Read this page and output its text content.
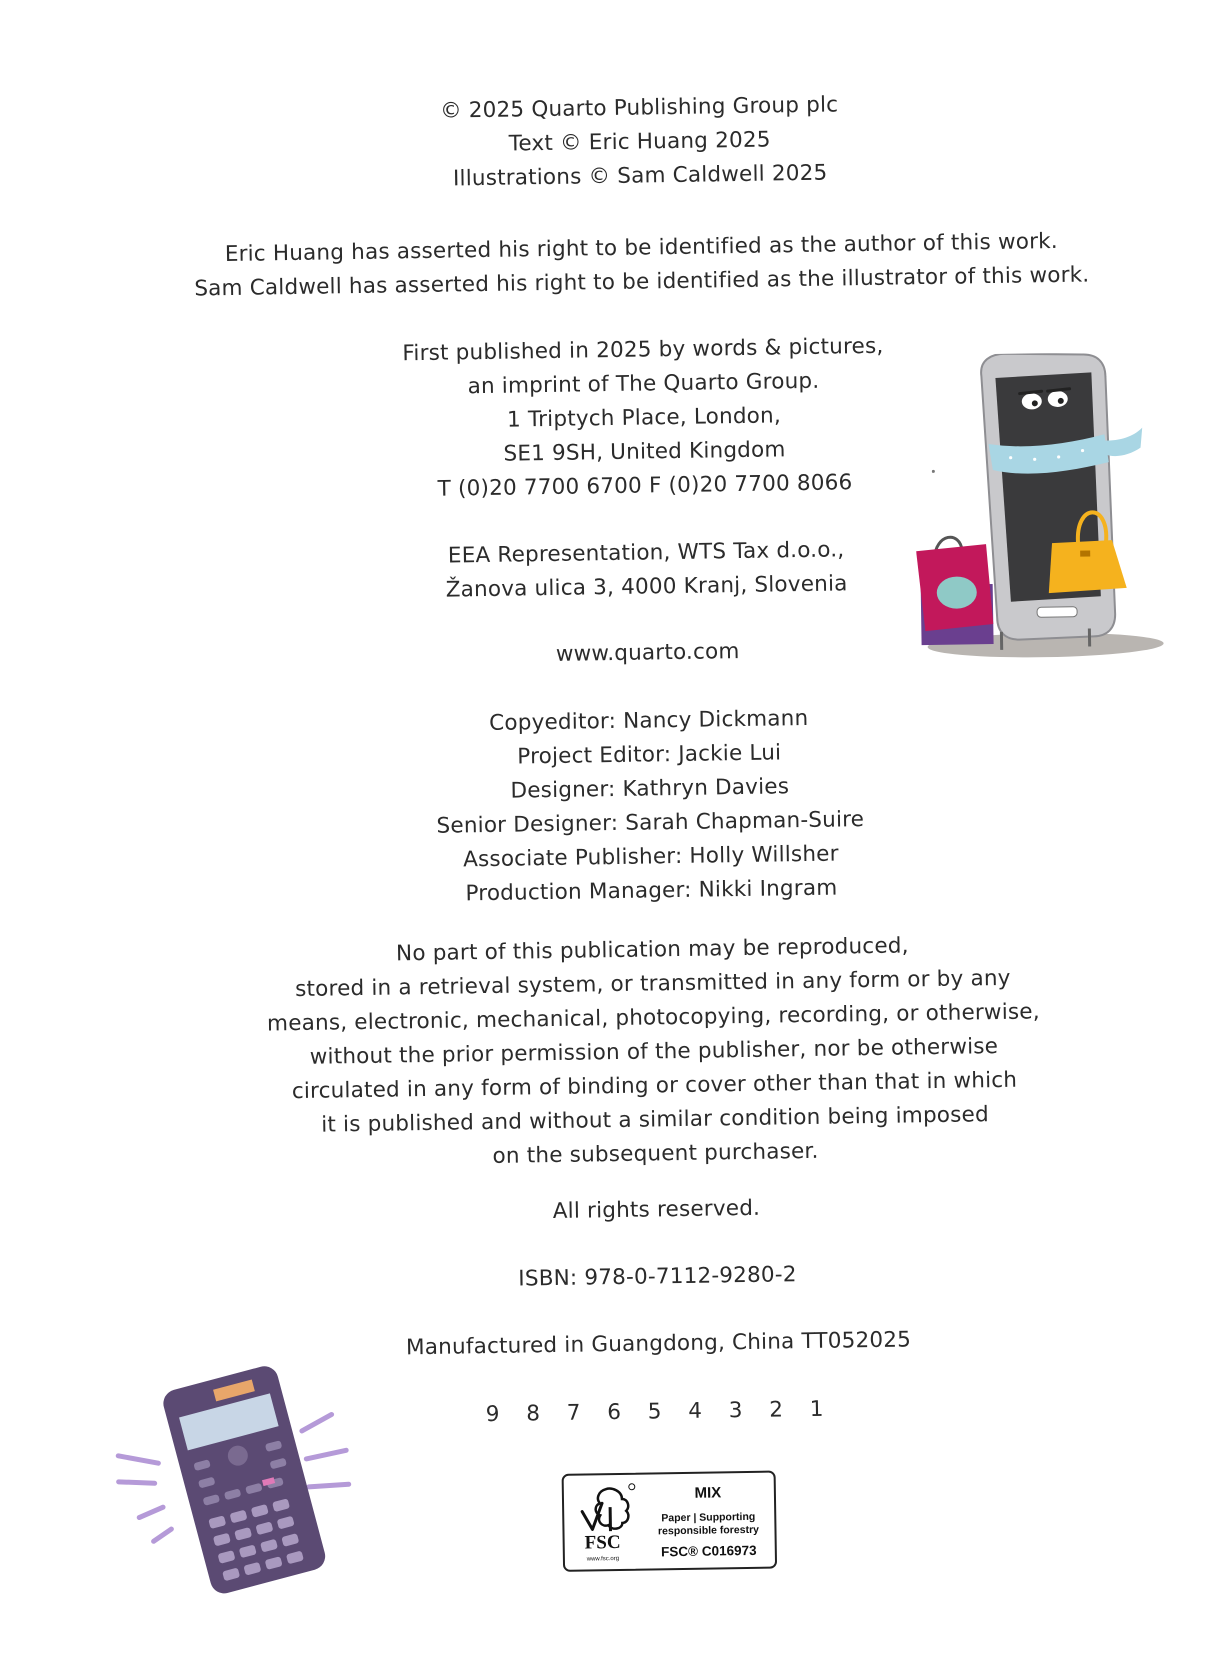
© 2025 Quarto Publishing Group plc
Text © Eric Huang 2025
Illustrations © Sam Caldwell 2025
Eric Huang has asserted his right to be identified as the author of this work.
Sam Caldwell has asserted his right to be identified as the illustrator of this work.
First published in 2025 by words & pictures,
an imprint of The Quarto Group.
1 Triptych Place, London,
SE1 9SH, United Kingdom
T (0)20 7700 6700 F (0)20 7700 8066
EEA Representation, WTS Tax d.o.o.,
Žanova ulica 3, 4000 Kranj, Slovenia
www.quarto.com
Copyeditor: Nancy Dickmann
Project Editor: Jackie Lui
Designer: Kathryn Davies
Senior Designer: Sarah Chapman-Suire
Associate Publisher: Holly Willsher
Production Manager: Nikki Ingram
No part of this publication may be reproduced,
stored in a retrieval system, or transmitted in any form or by any
means, electronic, mechanical, photocopying, recording, or otherwise,
without the prior permission of the publisher, nor be otherwise
circulated in any form of binding or cover other than that in which
it is published and without a similar condition being imposed
on the subsequent purchaser.
All rights reserved.
ISBN: 978-0-7112-9280-2
Manufactured in Guangdong, China TT052025
9 8 7 6 5 4 3 2 1
FSC
www.fsc.org
MIX
Paper | Supporting
responsible forestry
FSC® C016973
